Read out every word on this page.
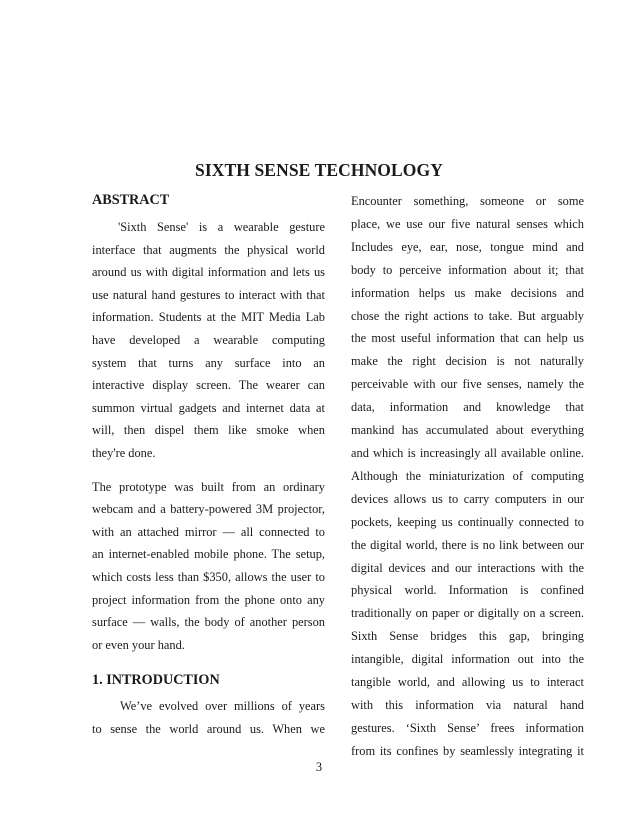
SIXTH SENSE TECHNOLOGY
ABSTRACT
'Sixth Sense' is a wearable gesture
interface that augments the physical world
around us with digital information and lets us
use natural hand gestures to interact with that
information. Students at the MIT Media Lab
have developed a wearable computing
system that turns any surface into an
interactive display screen. The wearer can
summon virtual gadgets and internet data at
will, then dispel them like smoke when
they're done.
The prototype was built from an ordinary
webcam and a battery-powered 3M projector,
with an attached mirror — all connected to
an internet-enabled mobile phone. The setup,
which costs less than $350, allows the user to
project information from the phone onto any
surface — walls, the body of another person
or even your hand.
1. INTRODUCTION
We’ve evolved over millions of years
to sense the world around us. When we
Encounter something, someone or some
place, we use our five natural senses which
Includes eye, ear, nose, tongue mind and
body to perceive information about it; that
information helps us make decisions and
chose the right actions to take. But arguably
the most useful information that can help us
make the right decision is not naturally
perceivable with our five senses, namely the
data, information and knowledge that
mankind has accumulated about everything
and which is increasingly all available online.
Although the miniaturization of computing
devices allows us to carry computers in our
pockets, keeping us continually connected to
the digital world, there is no link between our
digital devices and our interactions with the
physical world. Information is confined
traditionally on paper or digitally on a screen.
Sixth Sense bridges this gap, bringing
intangible, digital information out into the
tangible world, and allowing us to interact
with this information via natural hand
gestures. ‘Sixth Sense’ frees information
from its confines by seamlessly integrating it
3
